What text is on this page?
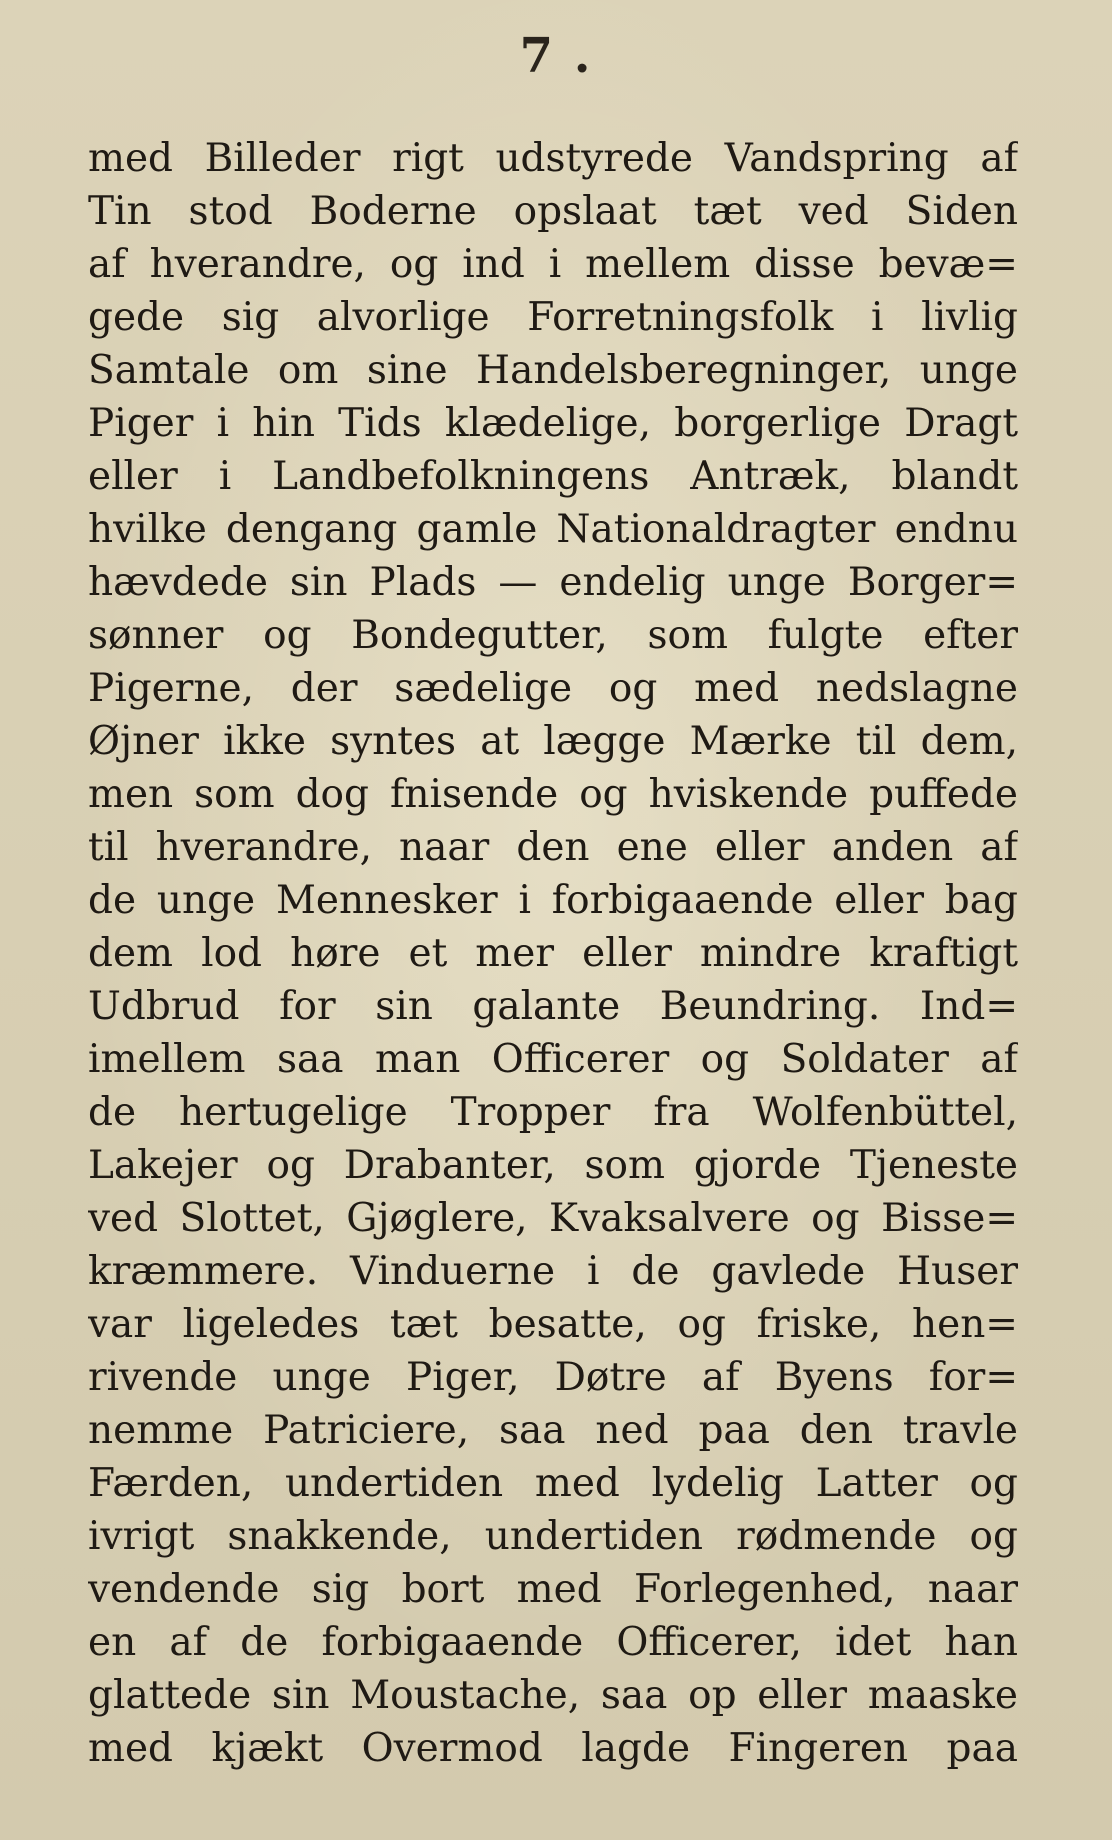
7 .
med Billeder rigt udstyrede Vandspring af
Tin stod Boderne opslaat tæt ved Siden
af hverandre, og ind i mellem disse bevæ=
gede sig alvorlige Forretningsfolk i livlig
Samtale om sine Handelsberegninger, unge
Piger i hin Tids klædelige, borgerlige Dragt
eller i Landbefolkningens Antræk, blandt
hvilke dengang gamle Nationaldragter endnu
hævdede sin Plads — endelig unge Borger=
sønner og Bondegutter, som fulgte efter
Pigerne, der sædelige og med nedslagne
Øjner ikke syntes at lægge Mærke til dem,
men som dog fnisende og hviskende puffede
til hverandre, naar den ene eller anden af
de unge Mennesker i forbigaaende eller bag
dem lod høre et mer eller mindre kraftigt
Udbrud for sin galante Beundring. Ind=
imellem saa man Officerer og Soldater af
de hertugelige Tropper fra Wolfenbüttel,
Lakejer og Drabanter, som gjorde Tjeneste
ved Slottet, Gjøglere, Kvaksalvere og Bisse=
kræmmere. Vinduerne i de gavlede Huser
var ligeledes tæt besatte, og friske, hen=
rivende unge Piger, Døtre af Byens for=
nemme Patriciere, saa ned paa den travle
Færden, undertiden med lydelig Latter og
ivrigt snakkende, undertiden rødmende og
vendende sig bort med Forlegenhed, naar
en af de forbigaaende Officerer, idet han
glattede sin Moustache, saa op eller maaske
med kjækt Overmod lagde Fingeren paa
